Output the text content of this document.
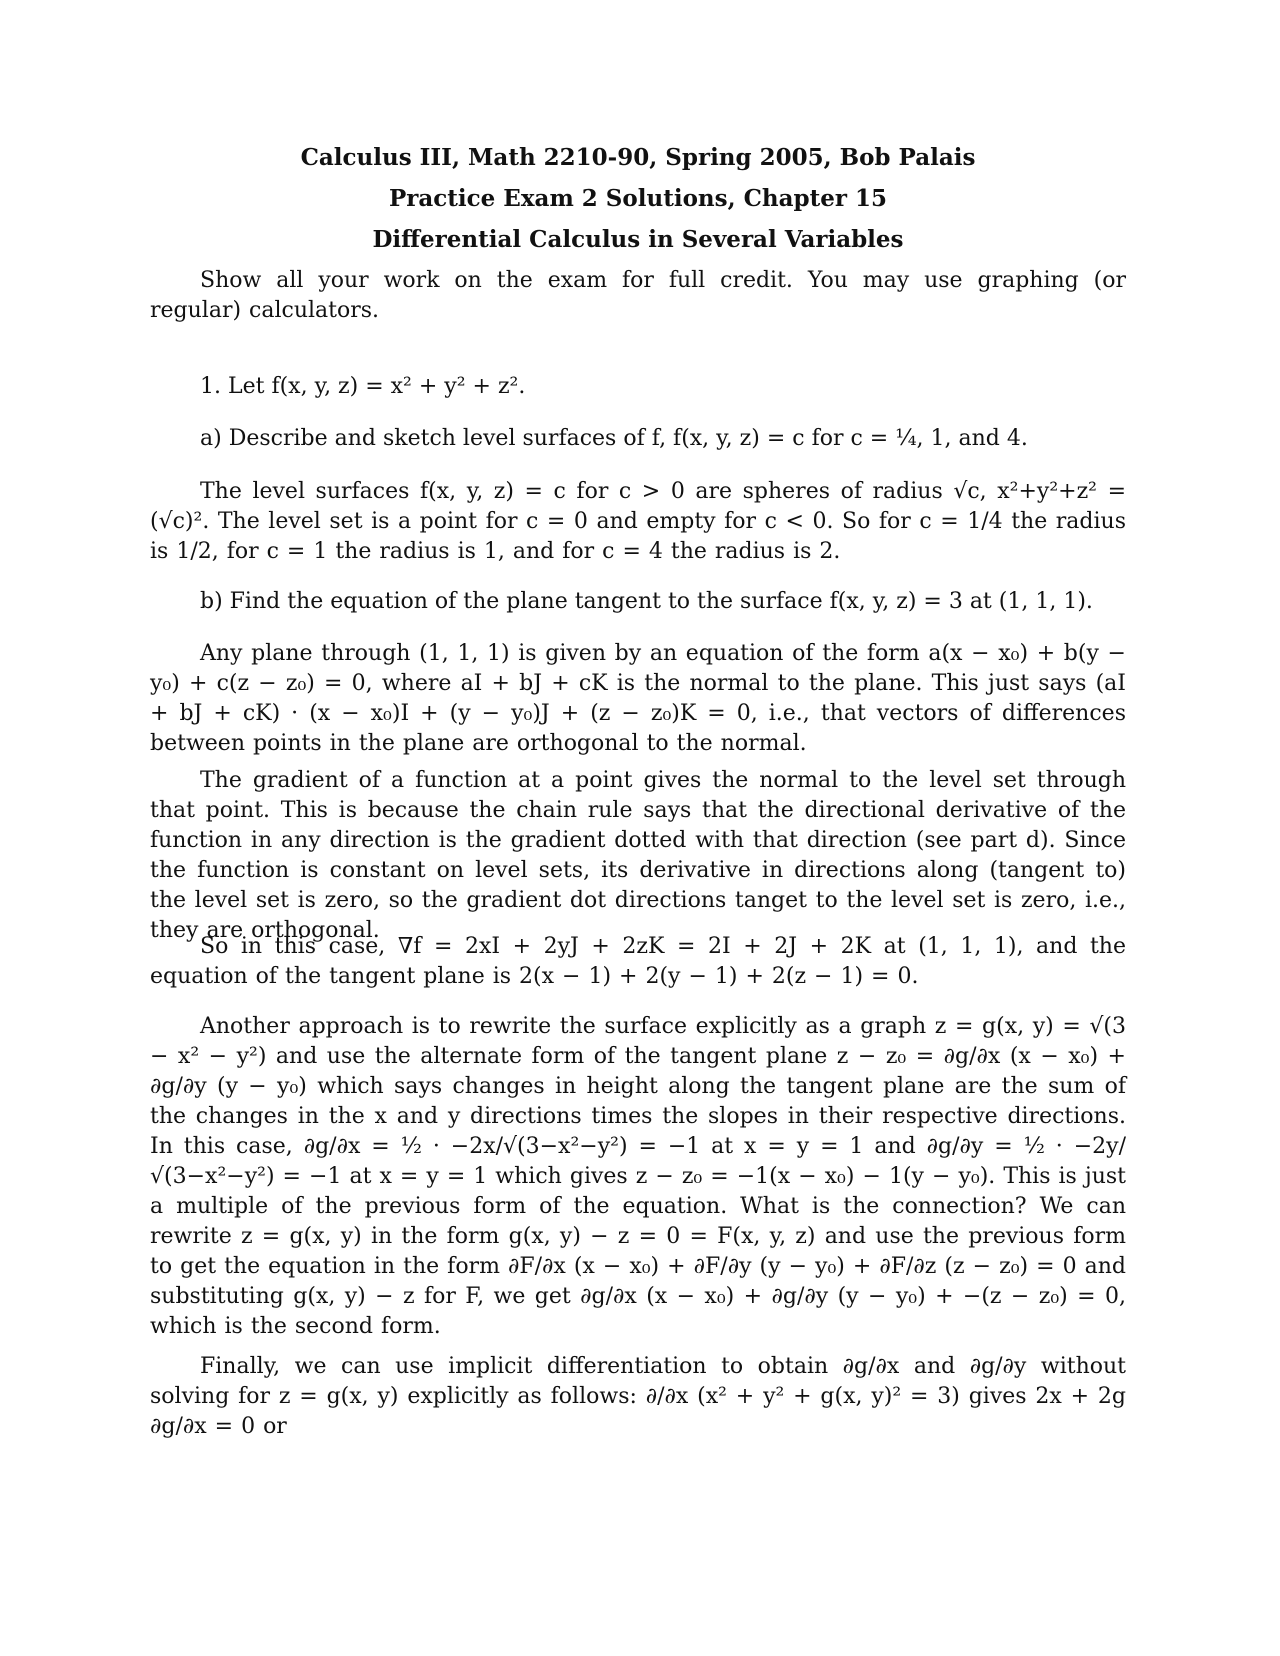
Calculus III, Math 2210-90, Spring 2005, Bob Palais
Practice Exam 2 Solutions, Chapter 15
Differential Calculus in Several Variables
Show all your work on the exam for full credit. You may use graphing (or regular) calculators.
1. Let f(x, y, z) = x² + y² + z².
a) Describe and sketch level surfaces of f, f(x, y, z) = c for c = ¼, 1, and 4.
The level surfaces f(x, y, z) = c for c > 0 are spheres of radius √c, x²+y²+z² = (√c)². The level set is a point for c = 0 and empty for c < 0. So for c = 1/4 the radius is 1/2, for c = 1 the radius is 1, and for c = 4 the radius is 2.
b) Find the equation of the plane tangent to the surface f(x, y, z) = 3 at (1, 1, 1).
Any plane through (1, 1, 1) is given by an equation of the form a(x − x₀) + b(y − y₀) + c(z − z₀) = 0, where aI + bJ + cK is the normal to the plane. This just says (aI + bJ + cK) · (x − x₀)I + (y − y₀)J + (z − z₀)K = 0, i.e., that vectors of differences between points in the plane are orthogonal to the normal.
The gradient of a function at a point gives the normal to the level set through that point. This is because the chain rule says that the directional derivative of the function in any direction is the gradient dotted with that direction (see part d). Since the function is constant on level sets, its derivative in directions along (tangent to) the level set is zero, so the gradient dot directions tanget to the level set is zero, i.e., they are orthogonal.
So in this case, ∇f = 2xI + 2yJ + 2zK = 2I + 2J + 2K at (1, 1, 1), and the equation of the tangent plane is 2(x − 1) + 2(y − 1) + 2(z − 1) = 0.
Another approach is to rewrite the surface explicitly as a graph z = g(x, y) = √(3 − x² − y²) and use the alternate form of the tangent plane z − z₀ = ∂g/∂x (x − x₀) + ∂g/∂y (y − y₀) which says changes in height along the tangent plane are the sum of the changes in the x and y directions times the slopes in their respective directions. In this case, ∂g/∂x = ½ · −2x/√(3−x²−y²) = −1 at x = y = 1 and ∂g/∂y = ½ · −2y/√(3−x²−y²) = −1 at x = y = 1 which gives z − z₀ = −1(x − x₀) − 1(y − y₀). This is just a multiple of the previous form of the equation. What is the connection? We can rewrite z = g(x, y) in the form g(x, y) − z = 0 = F(x, y, z) and use the previous form to get the equation in the form ∂F/∂x (x − x₀) + ∂F/∂y (y − y₀) + ∂F/∂z (z − z₀) = 0 and substituting g(x, y) − z for F, we get ∂g/∂x (x − x₀) + ∂g/∂y (y − y₀) + −(z − z₀) = 0, which is the second form.
Finally, we can use implicit differentiation to obtain ∂g/∂x and ∂g/∂y without solving for z = g(x, y) explicitly as follows: ∂/∂x (x² + y² + g(x, y)² = 3) gives 2x + 2g ∂g/∂x = 0 or
